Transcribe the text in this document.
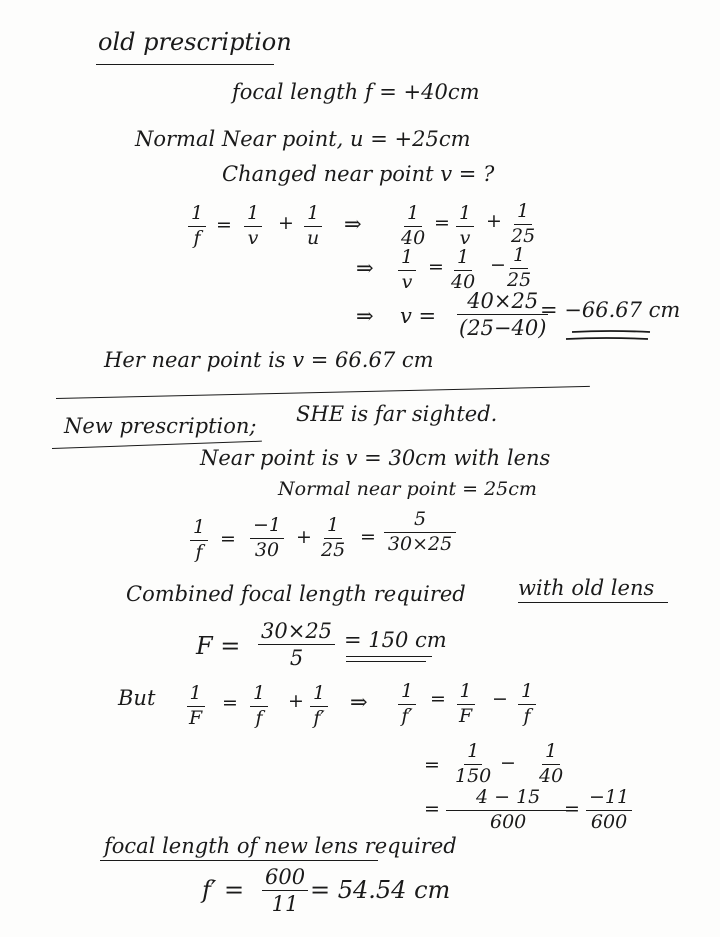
old prescription
focal length f = +40cm
Normal Near point, u = +25cm
Changed near point v = ?
$\frac{1}{f} = \frac{1}{v} + \frac{1}{u}$ ⇒ $\frac{1}{40} = \frac{1}{v} + \frac{1}{25}$
⇒ $\frac{1}{v} = \frac{1}{40}$ −
$\frac{1}{25}$
⇒ $v = \frac{40\times 25}{(25-40)}$
= −66.67 cm
Her near point is v = 66.67 cm
New prescription; SHE is far sighted.
Near point is v = 30cm with lens
Normal near point = 25cm
$\frac{1}{f} = \frac{-1}{30} + \frac{1}{25} = \frac{5}{30\times 25}$
Combined focal length required with old lens
$F = \frac{30\times 25}{5} = 150$ cm
But $\frac{1}{F} = \frac{1}{f} + \frac{1}{f'}$ ⇒ $\frac{1}{f'} = \frac{1}{F} - \frac{1}{f}$
= $\frac{1}{150} - \frac{1}{40}$
= $\frac{4 - 15}{600}$
= $\frac{-11}{600}$
focal length of new lens required
$f' = \frac{600}{11} = 54.54$ cm
